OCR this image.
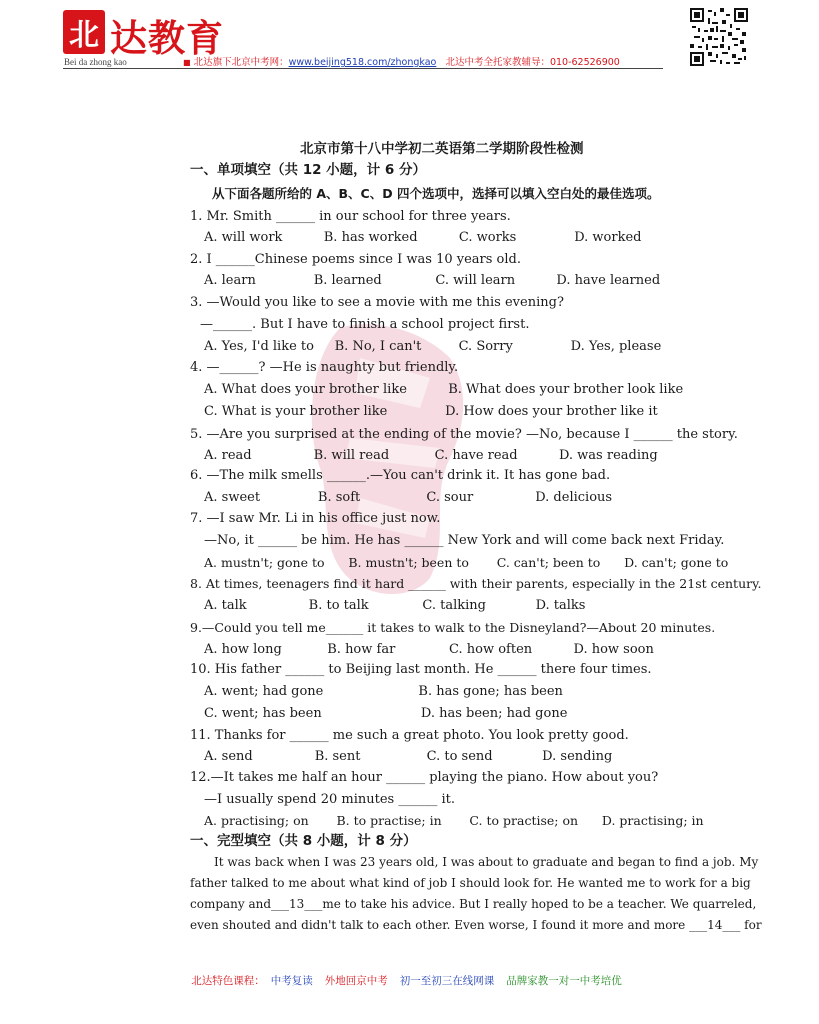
北 达教育
Bei da zhong kao	■ 北达旗下北京中考网：www.beijing518.com/zhongkao 北达中考全托家教辅导：010-62526900
北京市第十八中学初二英语第二学期阶段性检测
一、单项填空（共 12 小题，计 6 分）
从下面各题所给的 A、B、C、D 四个选项中，选择可以填入空白处的最佳选项。
1. Mr. Smith ______ in our school for three years.
A. will work          B. has worked          C. works              D. worked
2. I ______Chinese poems since I was 10 years old.
A. learn              B. learned             C. will learn          D. have learned
3. —Would you like to see a movie with me this evening?
—______. But I have to finish a school project first.
A. Yes, I'd like to     B. No, I can't         C. Sorry              D. Yes, please
4. —______? —He is naughty but friendly.
A. What does your brother like          B. What does your brother look like
C. What is your brother like              D. How does your brother like it
5. —Are you surprised at the ending of the movie? —No, because I ______ the story.
A. read               B. will read           C. have read          D. was reading
6. —The milk smells ______.—You can't drink it. It has gone bad.
A. sweet              B. soft                C. sour               D. delicious
7. —I saw Mr. Li in his office just now.
—No, it ______ be him. He has ______ New York and will come back next Friday.
A. mustn't; gone to      B. mustn't; been to       C. can't; been to      D. can't; gone to
8. At times, teenagers find it hard ______ with their parents, especially in the 21st century.
A. talk               B. to talk             C. talking            D. talks
9.—Could you tell me______ it takes to walk to the Disneyland?—About 20 minutes.
A. how long           B. how far             C. how often          D. how soon
10. His father ______ to Beijing last month. He ______ there four times.
A. went; had gone                       B. has gone; has been
C. went; has been                        D. has been; had gone
11. Thanks for ______ me such a great photo. You look pretty good.
A. send               B. sent                C. to send            D. sending
12.—It takes me half an hour ______ playing the piano. How about you?
—I usually spend 20 minutes ______ it.
A. practising; on       B. to practise; in       C. to practise; on      D. practising; in
一、完型填空（共 8 小题，计 8 分）
It was back when I was 23 years old, I was about to graduate and began to find a job. My
father talked to me about what kind of job I should look for. He wanted me to work for a big
company and___13___me to take his advice. But I really hoped to be a teacher. We quarreled,
even shouted and didn't talk to each other. Even worse, I found it more and more ___14___ for
北达特色课程： 中考复读 外地回京中考 初一至初三在线网课 品牌家教一对一中考培优
